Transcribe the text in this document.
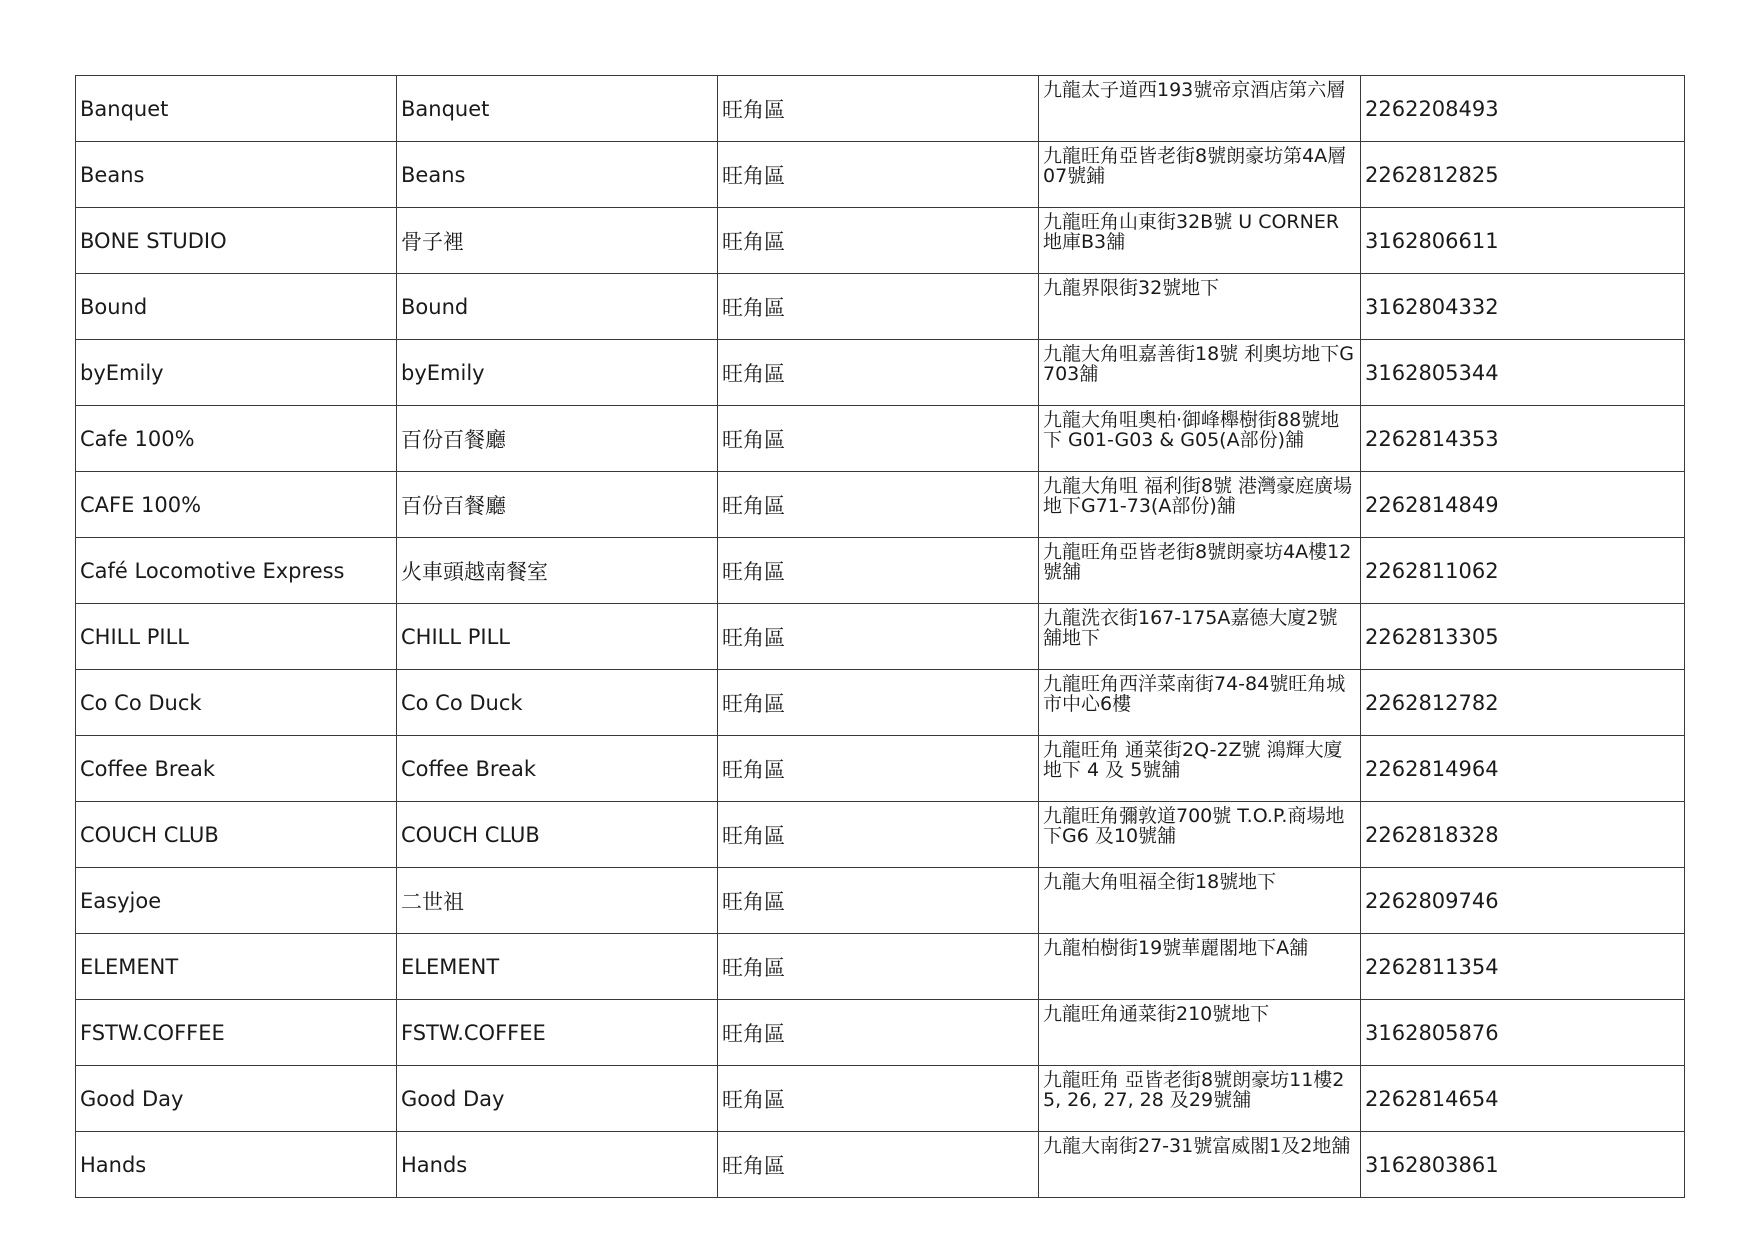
Banquet	Banquet	旺角區	九龍太子道西193號帝京酒店第六層	2262208493
Beans	Beans	旺角區	九龍旺角亞皆老街8號朗豪坊第4A層07號鋪	2262812825
BONE STUDIO	骨子裡	旺角區	九龍旺角山東街32B號 U CORNER地庫B3舖	3162806611
Bound	Bound	旺角區	九龍界限街32號地下	3162804332
byEmily	byEmily	旺角區	九龍大角咀嘉善街18號 利奧坊地下G703舖	3162805344
Cafe 100%	百份百餐廳	旺角區	九龍大角咀奧柏‧御峰櫸樹街88號地下 G01-G03 & G05(A部份)舖	2262814353
CAFE 100%	百份百餐廳	旺角區	九龍大角咀 福利街8號 港灣豪庭廣場地下G71-73(A部份)舖	2262814849
Café Locomotive Express	火車頭越南餐室	旺角區	九龍旺角亞皆老街8號朗豪坊4A樓12號舖	2262811062
CHILL PILL	CHILL PILL	旺角區	九龍洗衣街167-175A嘉德大廈2號舖地下	2262813305
Co Co Duck	Co Co Duck	旺角區	九龍旺角西洋菜南街74-84號旺角城市中心6樓	2262812782
Coffee Break	Coffee Break	旺角區	九龍旺角 通菜街2Q-2Z號 鴻輝大廈地下 4 及 5號舖	2262814964
COUCH CLUB	COUCH CLUB	旺角區	九龍旺角彌敦道700號 T.O.P.商場地下G6 及10號舖	2262818328
Easyjoe	二世祖	旺角區	九龍大角咀福全街18號地下	2262809746
ELEMENT	ELEMENT	旺角區	九龍柏樹街19號華麗閣地下A舖	2262811354
FSTW.COFFEE	FSTW.COFFEE	旺角區	九龍旺角通菜街210號地下	3162805876
Good Day	Good Day	旺角區	九龍旺角 亞皆老街8號朗豪坊11樓25, 26, 27, 28 及29號舖	2262814654
Hands	Hands	旺角區	九龍大南街27-31號富威閣1及2地舖	3162803861
